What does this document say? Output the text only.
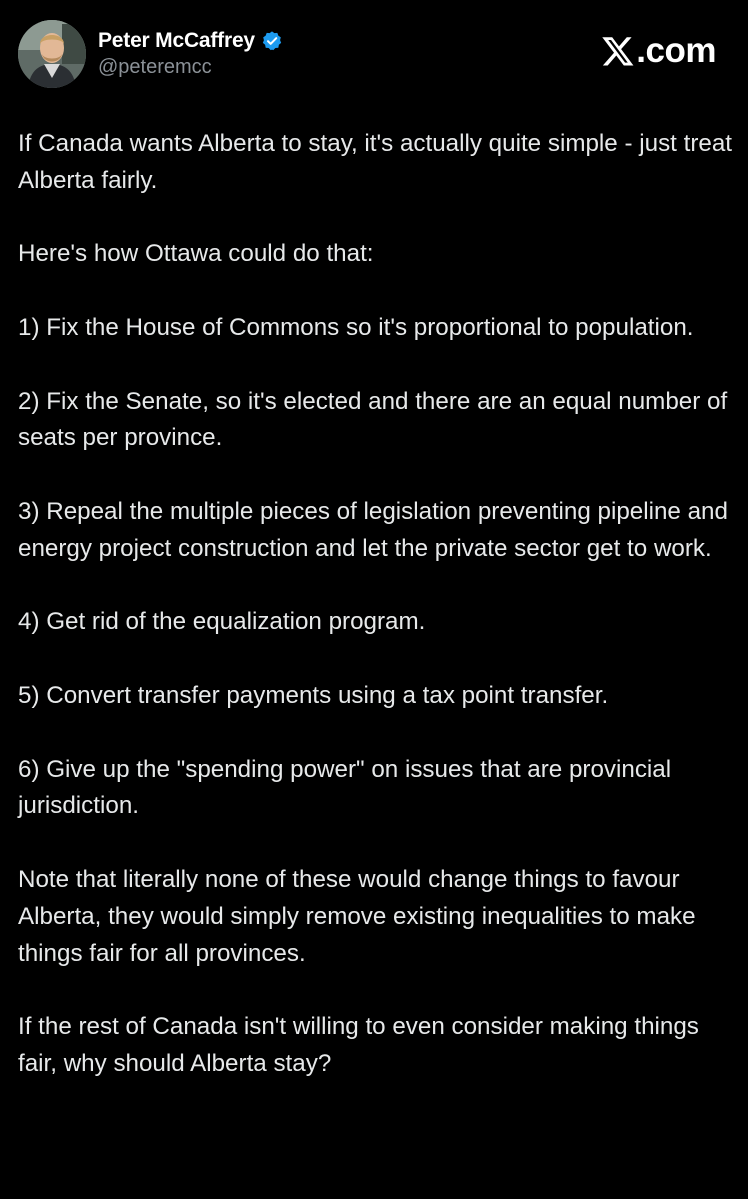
Peter McCaffrey
@peteremcc	.com

If Canada wants Alberta to stay, it's actually quite simple - just treat Alberta fairly.

Here's how Ottawa could do that:

1) Fix the House of Commons so it's proportional to population.

2) Fix the Senate, so it's elected and there are an equal number of seats per province.

3) Repeal the multiple pieces of legislation preventing pipeline and energy project construction and let the private sector get to work.

4) Get rid of the equalization program.

5) Convert transfer payments using a tax point transfer.

6) Give up the "spending power" on issues that are provincial jurisdiction.

Note that literally none of these would change things to favour Alberta, they would simply remove existing inequalities to make things fair for all provinces.

If the rest of Canada isn't willing to even consider making things fair, why should Alberta stay?
